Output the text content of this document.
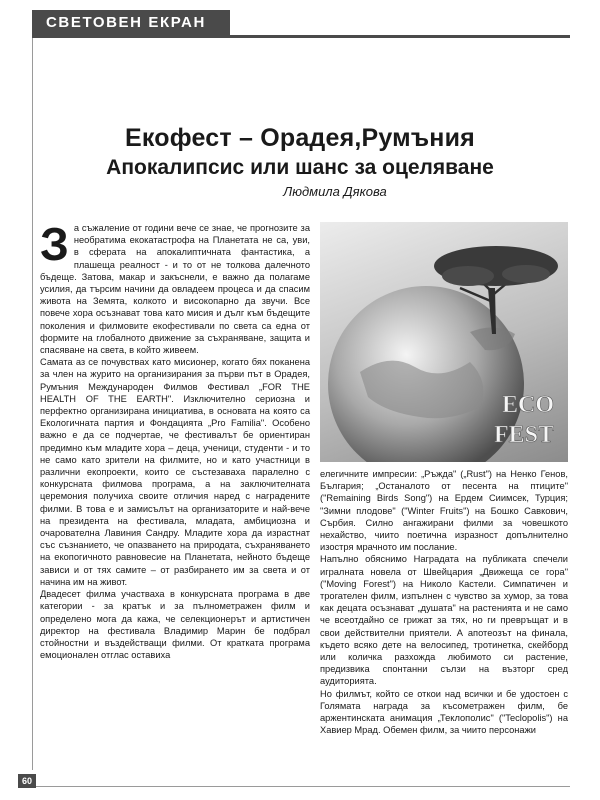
СВЕТОВЕН ЕКРАН
Екофест – Орадея,Румъния
Апокалипсис или шанс за оцеляване
Людмила Дякова

За съжаление от години вече се знае, че прогнозите за необратима екокатастрофа на Планетата не са, уви, в сферата на апокалиптичната фантастика, а плашеща реалност - и то от не толкова далечното бъдеще. Затова, макар и закъснели, е важно да полагаме усилия, да търсим начини да овладеем процеса и да спасим живота на Земята, колкото и високопарно да звучи. Все повече хора осъзнават това като мисия и дълг към бъдещите поколения и филмовите екофестивали по света са една от формите на глобалното движение за съхраняване, защита и спасяване на света, в който живеем.

Самата аз се почувствах като мисионер, когато бях поканена за член на журито на организирания за първи път в Орадея, Румъния Международен Филмов Фестивал „FOR THE HEALTH OF THE EARTH". Изключително сериозна и перфектно организирана инициатива, в основата на която са Екологичната партия и Фондацията „Pro Familia". Особено важно е да се подчертае, че фестивалът бе ориентиран предимно към младите хора – деца, ученици, студенти - и то не само като зрители на филмите, но и като участници в различни екопроекти, които се състезаваха паралелно с конкурсната филмова програма, а на заключителната церемония получиха своите отличия наред с наградените филми. В това е и замисълът на организаторите и най-вече на президента на фестивала, младата, амбициозна и очарователна Лавиния Сандру. Младите хора да израстнат със съзнанието, че опазването на природата, съхраняването на екопогичното равновесие на Планетата, нейното бъдеще зависи и от тях самите – от разбирането им за света и от начина им на живот.

Двадесет филма участваха в конкурсната програма в две категории - за кратък и за пълнометражен филм и определено мога да кажа, че селекционерът и артистичен директор на фестивала Владимир Марин бе подбрал стойностни и въздействащи филми. От кратката програма емоционален отглас оставиха

ECO
FEST

елегичните импресии: „Ръжда" („Rust") на Ненко Генов, България; „Останалото от песента на птиците" ("Remaining Birds Song") на Ердем Сиимсек, Турция; "Зимни плодове" ("Winter Fruits") на Бошко Савкович, Сърбия. Силно ангажирани филми за човешкото нехайство, чиито поетична изразност допълнително изостря мрачното им послание.

Напълно обяснимо Наградата на публиката спечели игралната новела от Швейцария „Движеща се гора" ("Moving Forest") на Николо Кастели. Симпатичен и трогателен филм, изпълнен с чувство за хумор, за това как децата осъзнават „душата" на растенията и не само че всеотдайно се грижат за тях, но ги превръщат и в свои действителни приятели. А апотеозът на финала, където всяко дете на велосипед, тротинетка, скейборд или количка разхожда любимото си растение, предизвика спонтанни сълзи на възторг сред аудиторията.

Но филмът, който се откои над всички и бе удостоен с Голямата награда за късометражен филм, бе аржентинската анимация „Теклополис" ("Teclopolis") на Хавиер Мрад. Обемен филм, за чиито персонажи

60
